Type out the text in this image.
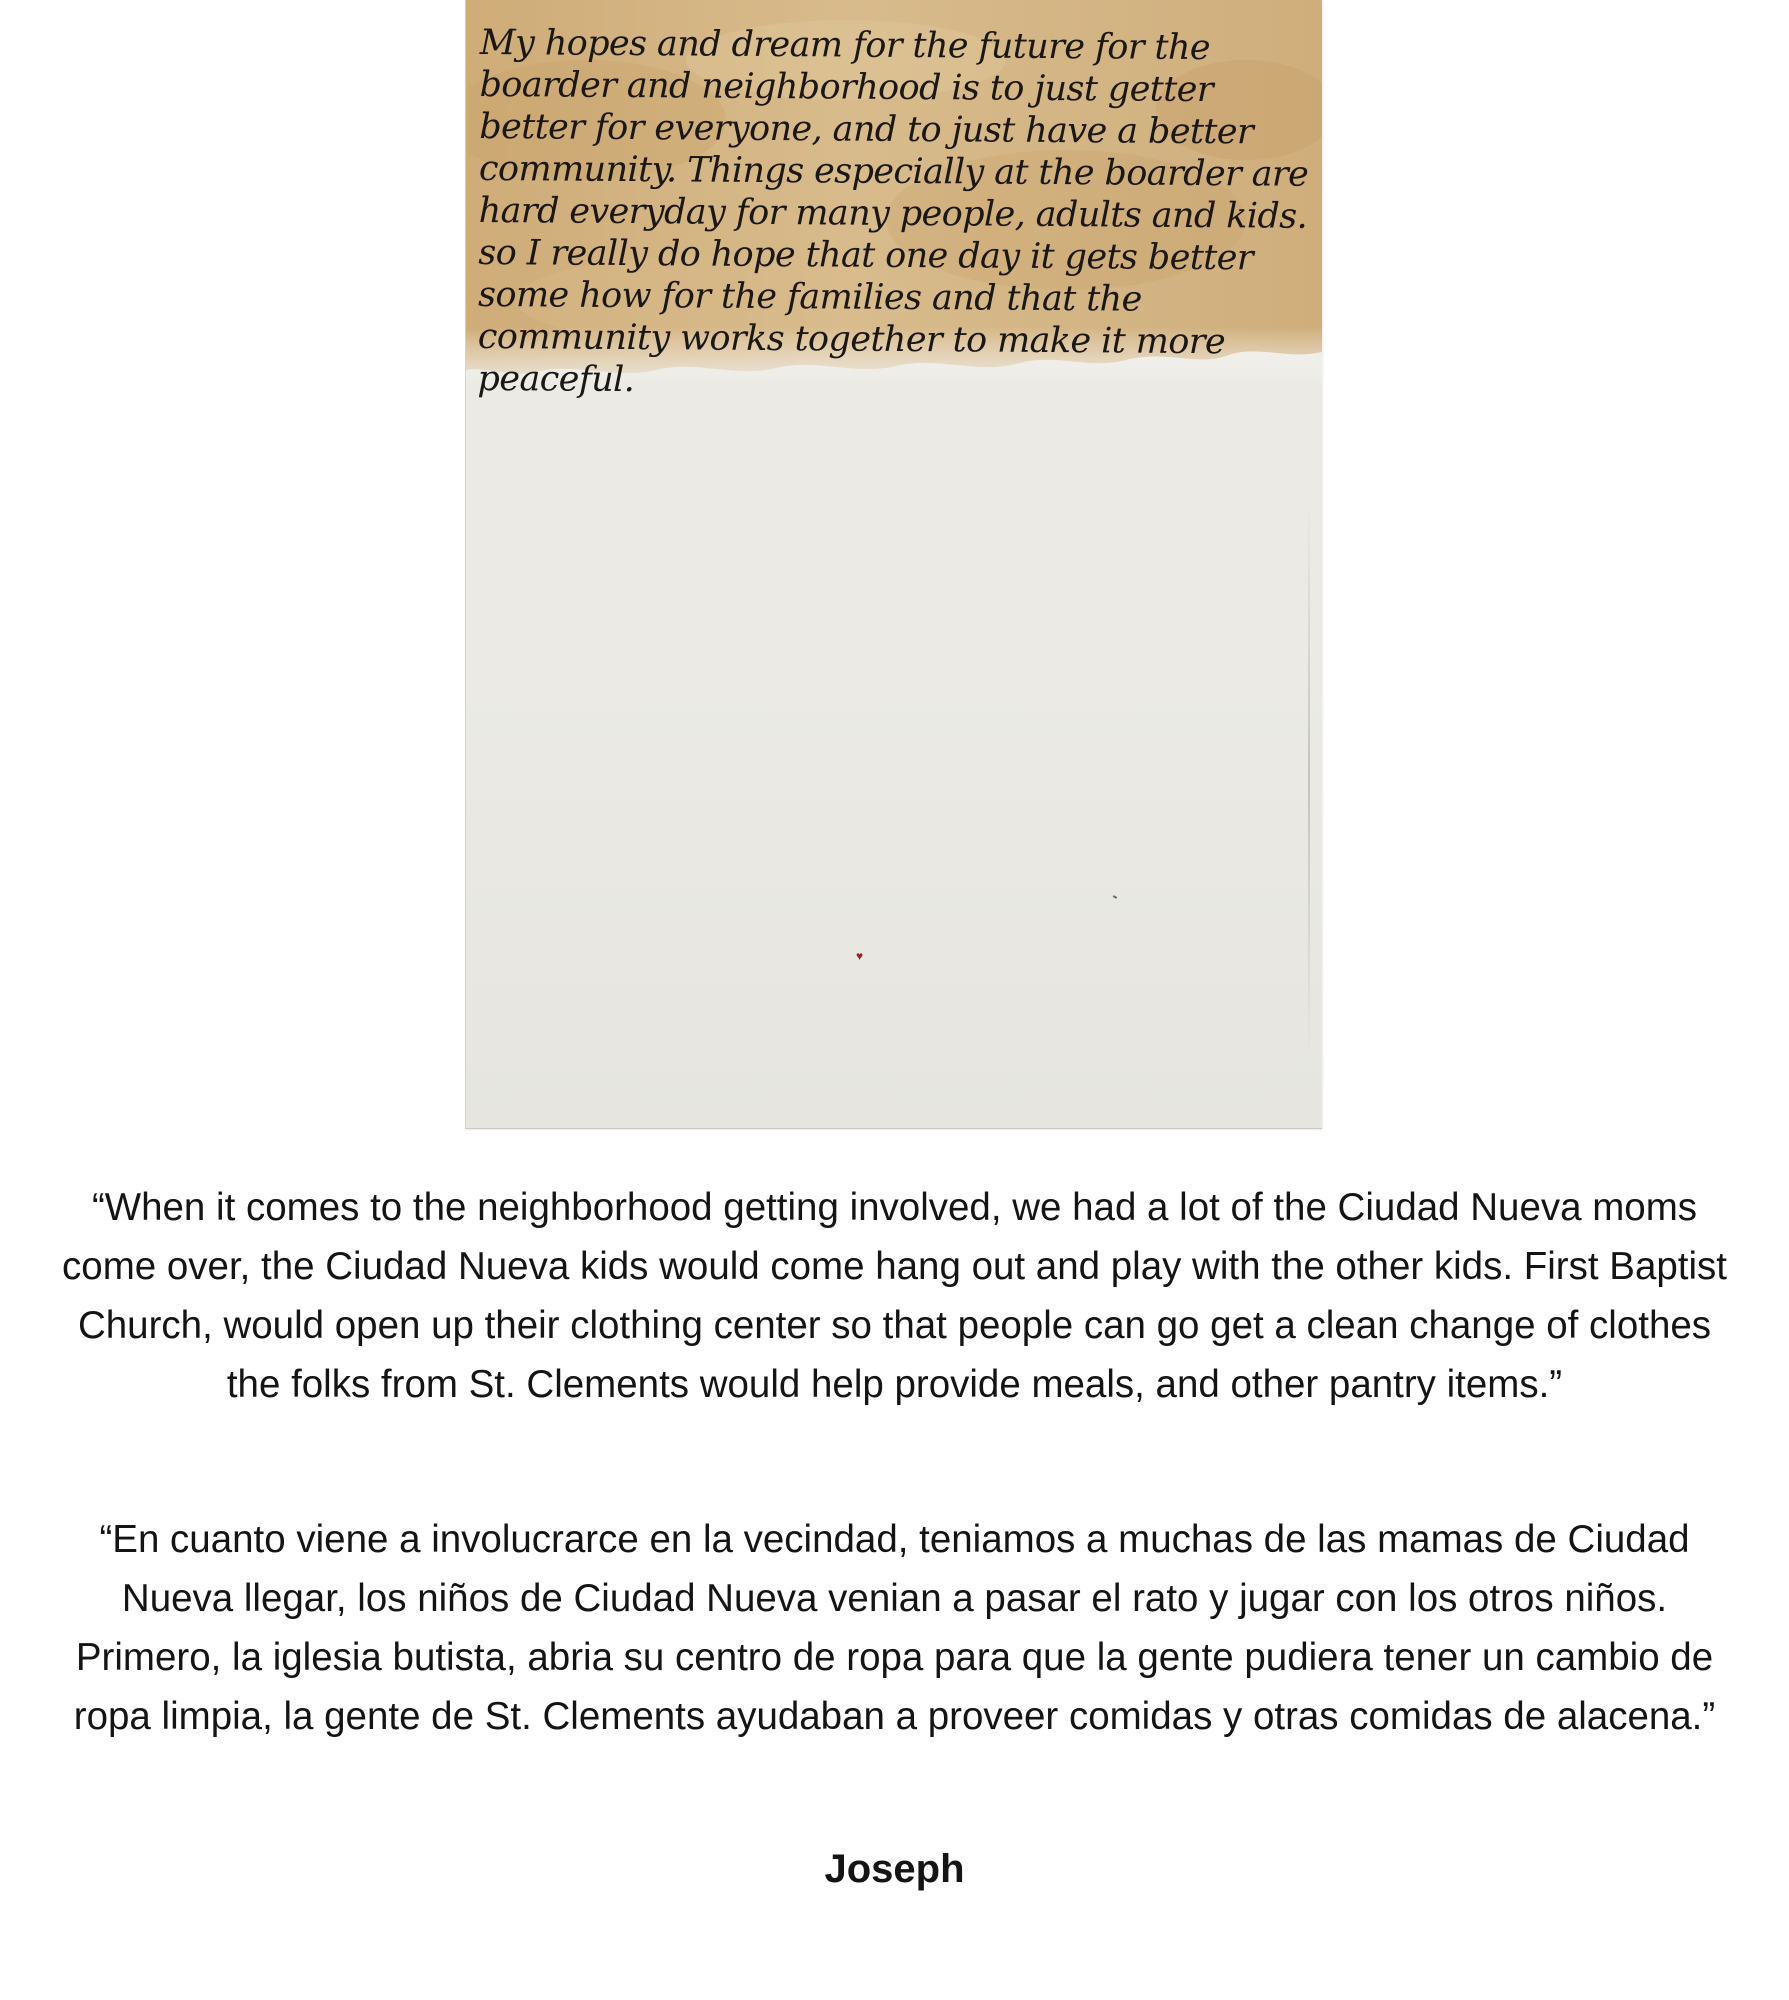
My hopes and dream for the future for the boarder and neighborhood is to just getter better for everyone, and to just have a better community. Things especially at the boarder are hard everyday for many people, adults and kids. so I really do hope that one day it gets better some how for the families and that the community works together to make it more peaceful.

♥

“When it comes to the neighborhood getting involved, we had a lot of the Ciudad Nueva moms come over, the Ciudad Nueva kids would come hang out and play with the other kids. First Baptist Church, would open up their clothing center so that people can go get a clean change of clothes the folks from St. Clements would help provide meals, and other pantry items.”

“En cuanto viene a involucrarce en la vecindad, teniamos a muchas de las mamas de Ciudad Nueva llegar, los niños de Ciudad Nueva venian a pasar el rato y jugar con los otros niños. Primero, la iglesia butista, abria su centro de ropa para que la gente pudiera tener un cambio de ropa limpia, la gente de St. Clements ayudaban a proveer comidas y otras comidas de alacena.”

Joseph
